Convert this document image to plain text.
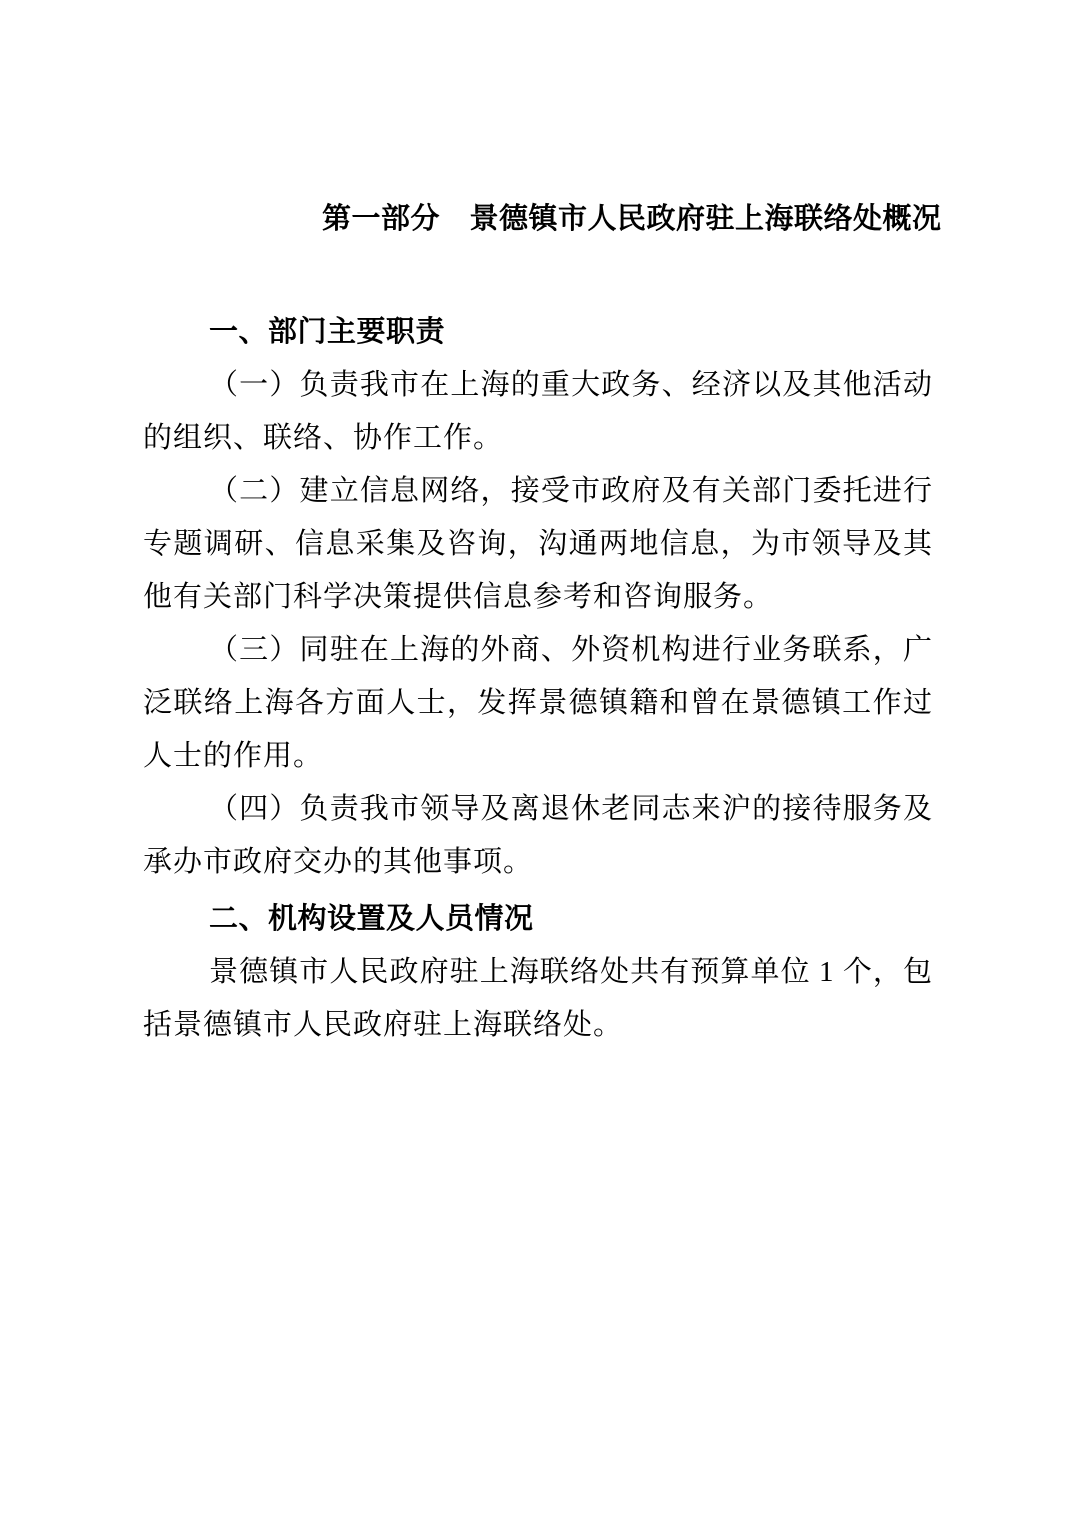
第一部分　景德镇市人民政府驻上海联络处概况
一、部门主要职责

（一）负责我市在上海的重大政务、经济以及其他活动的组织、联络、协作工作。

（二）建立信息网络，接受市政府及有关部门委托进行专题调研、信息采集及咨询，沟通两地信息，为市领导及其他有关部门科学决策提供信息参考和咨询服务。

（三）同驻在上海的外商、外资机构进行业务联系，广泛联络上海各方面人士，发挥景德镇籍和曾在景德镇工作过人士的作用。

（四）负责我市领导及离退休老同志来沪的接待服务及承办市政府交办的其他事项。

二、机构设置及人员情况

景德镇市人民政府驻上海联络处共有预算单位 1 个，包括景德镇市人民政府驻上海联络处。
